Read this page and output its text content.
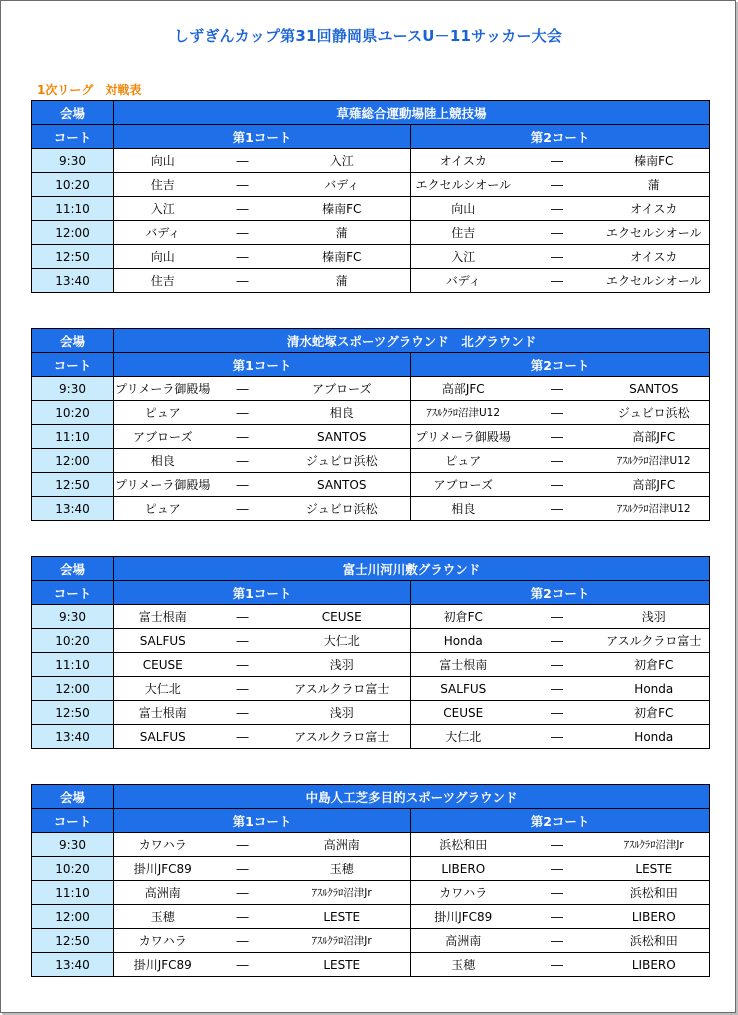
しずぎんカップ第31回静岡県ユースU－11サッカー大会
1次リーグ　対戦表
会場	草薙総合運動場陸上競技場					
コート	第1コート			第2コート		
9:30	向山	―	入江	オイスカ	―	榛南FC
10:20	住吉	―	バディ	エクセルシオール	―	蒲
11:10	入江	―	榛南FC	向山	―	オイスカ
12:00	バディ	―	蒲	住吉	―	エクセルシオール
12:50	向山	―	榛南FC	入江	―	オイスカ
13:40	住吉	―	蒲	バディ	―	エクセルシオール
会場	清水蛇塚スポーツグラウンド　北グラウンド					
コート	第1コート			第2コート		
9:30	プリメーラ御殿場	―	アブローズ	高部JFC	―	SANTOS
10:20	ピュア	―	相良	ｱｽﾙｸﾗﾛ沼津U12	―	ジュビロ浜松
11:10	アブローズ	―	SANTOS	プリメーラ御殿場	―	高部JFC
12:00	相良	―	ジュビロ浜松	ピュア	―	ｱｽﾙｸﾗﾛ沼津U12
12:50	プリメーラ御殿場	―	SANTOS	アブローズ	―	高部JFC
13:40	ピュア	―	ジュビロ浜松	相良	―	ｱｽﾙｸﾗﾛ沼津U12
会場	富士川河川敷グラウンド					
コート	第1コート			第2コート		
9:30	富士根南	―	CEUSE	初倉FC	―	浅羽
10:20	SALFUS	―	大仁北	Honda	―	アスルクラロ富士
11:10	CEUSE	―	浅羽	富士根南	―	初倉FC
12:00	大仁北	―	アスルクラロ富士	SALFUS	―	Honda
12:50	富士根南	―	浅羽	CEUSE	―	初倉FC
13:40	SALFUS	―	アスルクラロ富士	大仁北	―	Honda
会場	中島人工芝多目的スポーツグラウンド					
コート	第1コート			第2コート		
9:30	カワハラ	―	高洲南	浜松和田	―	ｱｽﾙｸﾗﾛ沼津Jr
10:20	掛川JFC89	―	玉穂	LIBERO	―	LESTE
11:10	高洲南	―	ｱｽﾙｸﾗﾛ沼津Jr	カワハラ	―	浜松和田
12:00	玉穂	―	LESTE	掛川JFC89	―	LIBERO
12:50	カワハラ	―	ｱｽﾙｸﾗﾛ沼津Jr	高洲南	―	浜松和田
13:40	掛川JFC89	―	LESTE	玉穂	―	LIBERO
